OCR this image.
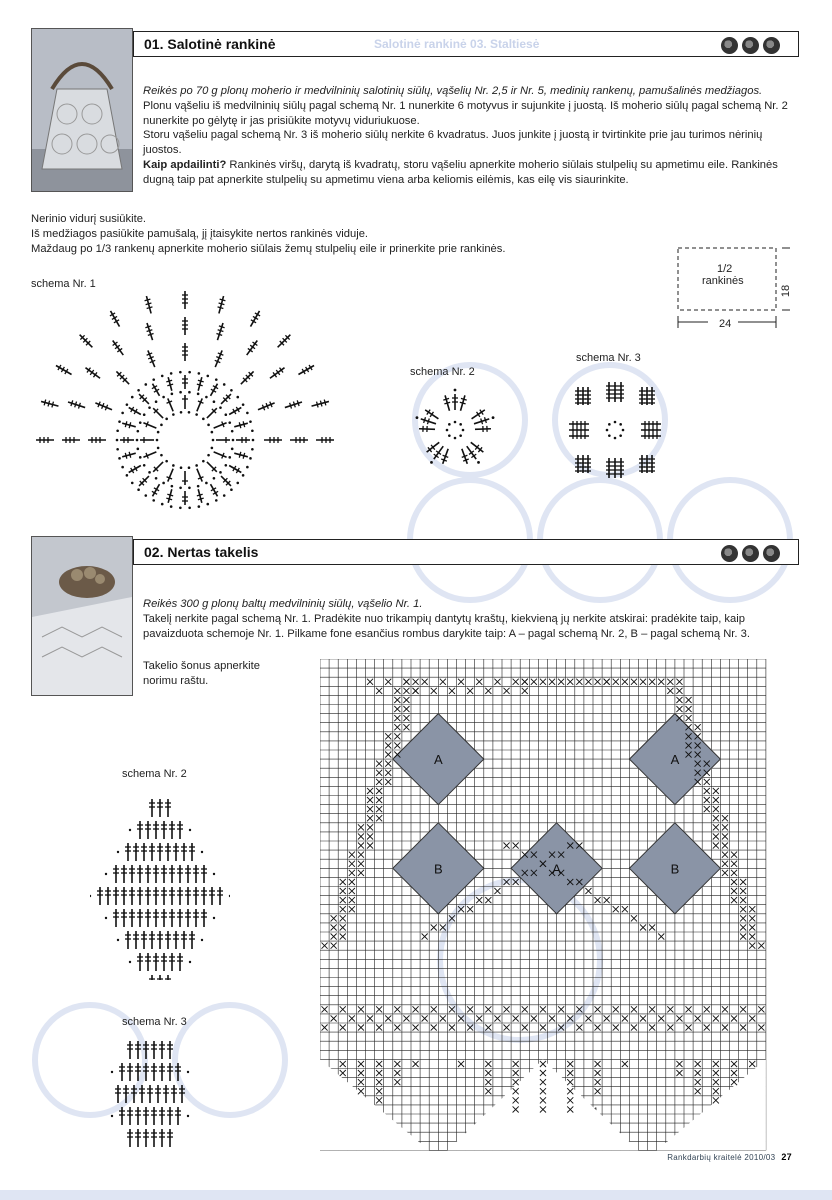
Salotinė rankinė 03. Staltiesė
01. Salotinė rankinė

Reikės po 70 g plonų moherio ir medvilninių salotinių siūlų, vąšelių Nr. 2,5 ir Nr. 5, medinių rankenų, pamušalinės medžiagos.

Plonu vąšeliu iš medvilninių siūlų pagal schemą Nr. 1 nunerkite 6 motyvus ir sujunkite į juostą. Iš moherio siūlų pagal schemą Nr. 2 nunerkite po gėlytę ir jas prisiūkite motyvų viduriukuose.

Storu vąšeliu pagal schemą Nr. 3 iš moherio siūlų nerkite 6 kvadratus. Juos junkite į juostą ir tvirtinkite prie jau turimos nėrinių juostos.

Kaip apdailinti? Rankinės viršų, darytą iš kvadratų, storu vąšeliu apnerkite moherio siūlais stulpelių su apmetimu eile. Rankinės dugną taip pat apnerkite stulpelių su apmetimu viena arba keliomis eilėmis, kas eilę vis siaurinkite.

Nerinio vidurį susiūkite.

Iš medžiagos pasiūkite pamušalą, jį įtaisykite nertos rankinės viduje.

Maždaug po 1/3 rankenų apnerkite moherio siūlais žemų stulpelių eile ir prinerkite prie rankinės.

1/2
rankinės
24
18
schema Nr. 1
schema Nr. 2
schema Nr. 3
02. Nertas takelis

Reikės 300 g plonų baltų medvilninių siūlų, vąšelio Nr. 1.

Takelį nerkite pagal schemą Nr. 1. Pradėkite nuo trikampių dantytų kraštų, kiekvieną jų nerkite atskirai: pradėkite taip, kaip pavaizduota schemoje Nr. 1. Pilkame fone esančius rombus darykite taip: A – pagal schemą Nr. 2, B – pagal schemą Nr. 3.

Takelio šonus apnerkite norimu raštu.

schema Nr. 2
schema Nr. 3
A	A
B	A	B
Rankdarbių kraitelė 2010/03 27
